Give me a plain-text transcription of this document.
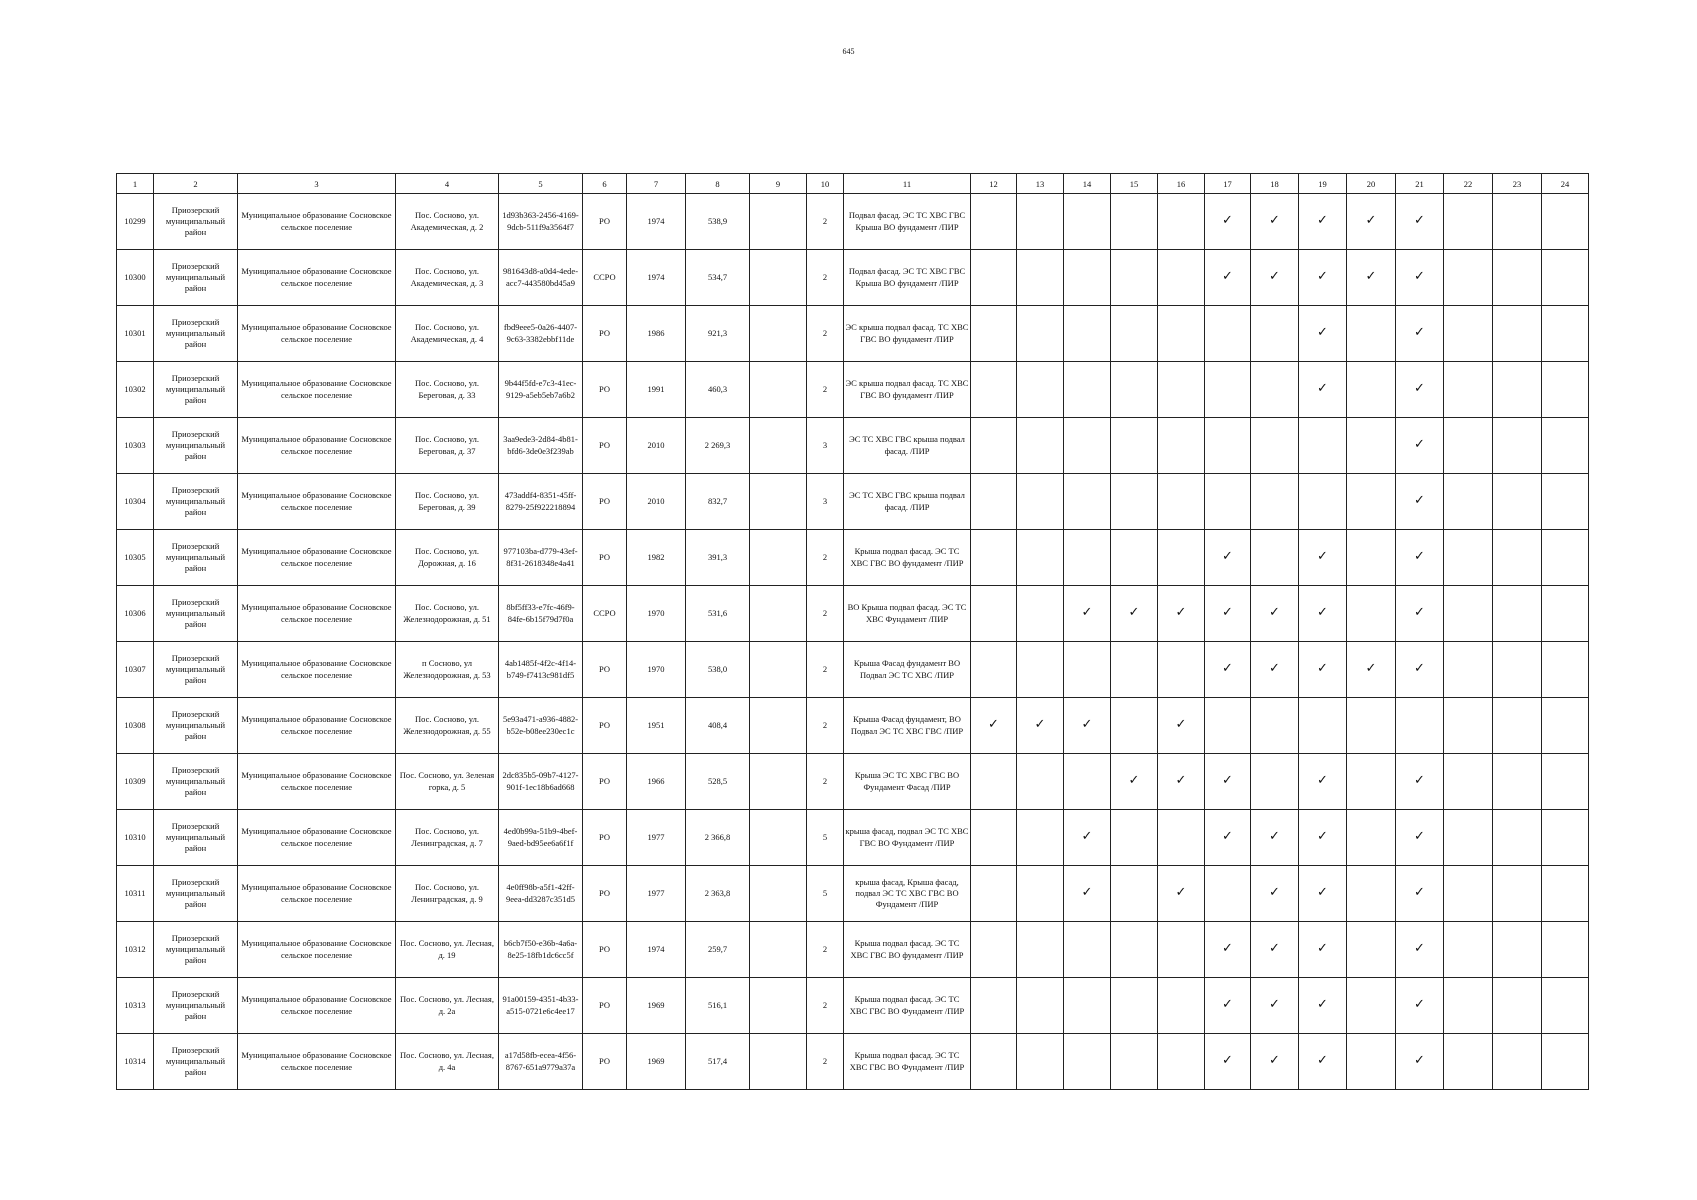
645
1	2	3	4	5	6	7	8	9	10	11	12	13	14	15	16	17	18	19	20	21	22	23	24
10299	Приозерский муниципальный район	Муниципальное образование Сосновское сельское поселение	Пос. Сосново, ул. Академическая, д. 2	1d93b363-2456-4169-9dcb-511f9a3564f7	РО	1974	538,9		2	Подвал фасад. ЭС ТС ХВС ГВС Крыша ВО фундамент /ПИР						✓	✓	✓	✓	✓			
10300	Приозерский муниципальный район	Муниципальное образование Сосновское сельское поселение	Пос. Сосново, ул. Академическая, д. 3	981643d8-a0d4-4ede-acc7-443580bd45a9	ССРО	1974	534,7		2	Подвал фасад. ЭС ТС ХВС ГВС Крыша ВО фундамент /ПИР						✓	✓	✓	✓	✓			
10301	Приозерский муниципальный район	Муниципальное образование Сосновское сельское поселение	Пос. Сосново, ул. Академическая, д. 4	fbd9eee5-0a26-4407-9c63-3382ebbf11de	РО	1986	921,3		2	ЭС крыша подвал фасад. ТС ХВС ГВС ВО фундамент /ПИР								✓		✓			
10302	Приозерский муниципальный район	Муниципальное образование Сосновское сельское поселение	Пос. Сосново, ул. Береговая, д. 33	9b44f5fd-e7c3-41ec-9129-a5eb5eb7a6b2	РО	1991	460,3		2	ЭС крыша подвал фасад. ТС ХВС ГВС ВО фундамент /ПИР								✓		✓			
10303	Приозерский муниципальный район	Муниципальное образование Сосновское сельское поселение	Пос. Сосново, ул. Береговая, д. 37	3aa9ede3-2d84-4b81-bfd6-3de0e3f239ab	РО	2010	2 269,3		3	ЭС ТС ХВС ГВС крыша подвал фасад. /ПИР										✓			
10304	Приозерский муниципальный район	Муниципальное образование Сосновское сельское поселение	Пос. Сосново, ул. Береговая, д. 39	473addf4-8351-45ff-8279-25f922218894	РО	2010	832,7		3	ЭС ТС ХВС ГВС крыша подвал фасад. /ПИР										✓			
10305	Приозерский муниципальный район	Муниципальное образование Сосновское сельское поселение	Пос. Сосново, ул. Дорожная, д. 16	977103ba-d779-43ef-8f31-2618348e4a41	РО	1982	391,3		2	Крыша подвал фасад. ЭС ТС ХВС ГВС ВО фундамент /ПИР						✓		✓		✓			
10306	Приозерский муниципальный район	Муниципальное образование Сосновское сельское поселение	Пос. Сосново, ул. Железнодорожная, д. 51	8bf5ff33-e7fc-46f9-84fe-6b15f79d7f0a	ССРО	1970	531,6		2	ВО Крыша подвал фасад. ЭС ТС ХВС Фундамент /ПИР			✓	✓	✓	✓	✓	✓		✓			
10307	Приозерский муниципальный район	Муниципальное образование Сосновское сельское поселение	п Сосново, ул Железнодорожная, д. 53	4ab1485f-4f2c-4f14-b749-f7413c981df5	РО	1970	538,0		2	Крыша Фасад фундамент ВО Подвал ЭС ТС ХВС /ПИР						✓	✓	✓	✓	✓			
10308	Приозерский муниципальный район	Муниципальное образование Сосновское сельское поселение	Пос. Сосново, ул. Железнодорожная, д. 55	5e93a471-a936-4882-b52e-b08ee230ec1c	РО	1951	408,4		2	Крыша Фасад фундамент, ВО Подвал ЭС ТС ХВС ГВС /ПИР	✓	✓	✓		✓								
10309	Приозерский муниципальный район	Муниципальное образование Сосновское сельское поселение	Пос. Сосново, ул. Зеленая горка, д. 5	2dc835b5-09b7-4127-901f-1ec18b6ad668	РО	1966	528,5		2	Крыша ЭС ТС ХВС ГВС ВО Фундамент Фасад /ПИР				✓	✓	✓		✓		✓			
10310	Приозерский муниципальный район	Муниципальное образование Сосновское сельское поселение	Пос. Сосново, ул. Ленинградская, д. 7	4ed0b99a-51b9-4bef-9aed-bd95ee6a6f1f	РО	1977	2 366,8		5	крыша фасад, подвал ЭС ТС ХВС ГВС ВО Фундамент /ПИР			✓			✓	✓	✓		✓			
10311	Приозерский муниципальный район	Муниципальное образование Сосновское сельское поселение	Пос. Сосново, ул. Ленинградская, д. 9	4e0ff98b-a5f1-42ff-9eea-dd3287c351d5	РО	1977	2 363,8		5	крыша фасад, Крыша фасад, подвал ЭС ТС ХВС ГВС ВО Фундамент /ПИР			✓		✓		✓	✓		✓			
10312	Приозерский муниципальный район	Муниципальное образование Сосновское сельское поселение	Пос. Сосново, ул. Лесная, д. 19	b6cb7f50-e36b-4a6a-8e25-18fb1dc6cc5f	РО	1974	259,7		2	Крыша подвал фасад. ЭС ТС ХВС ГВС ВО фундамент /ПИР						✓	✓	✓		✓			
10313	Приозерский муниципальный район	Муниципальное образование Сосновское сельское поселение	Пос. Сосново, ул. Лесная, д. 2а	91a00159-4351-4b33-a515-0721e6c4ee17	РО	1969	516,1		2	Крыша подвал фасад. ЭС ТС ХВС ГВС ВО Фундамент /ПИР						✓	✓	✓		✓			
10314	Приозерский муниципальный район	Муниципальное образование Сосновское сельское поселение	Пос. Сосново, ул. Лесная, д. 4а	a17d58fb-ecea-4f56-8767-651a9779a37a	РО	1969	517,4		2	Крыша подвал фасад. ЭС ТС ХВС ГВС ВО Фундамент /ПИР						✓	✓	✓		✓			
